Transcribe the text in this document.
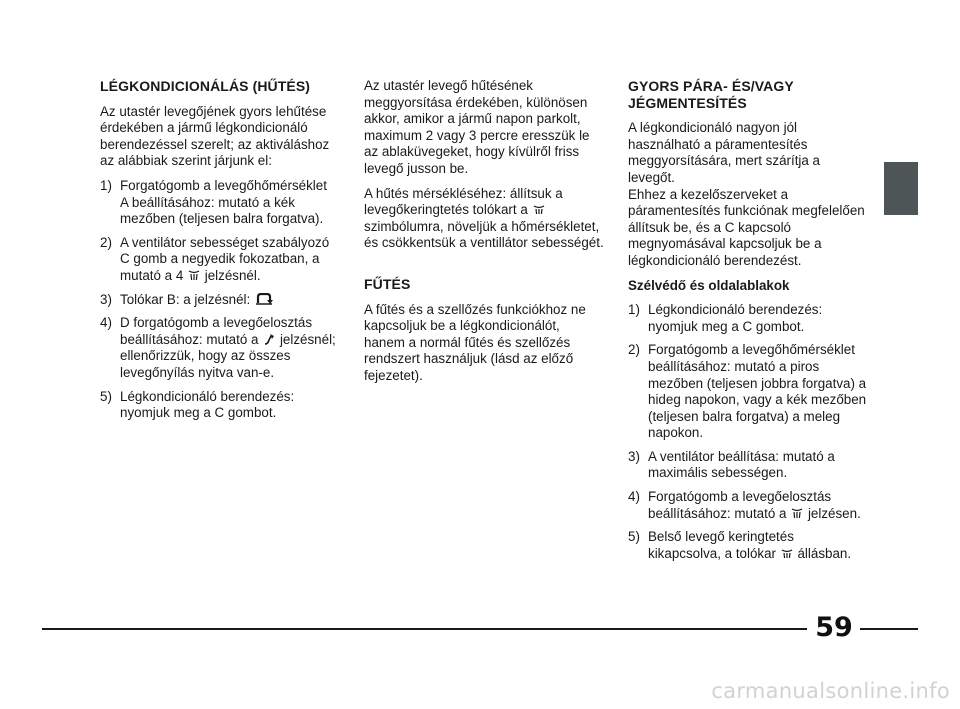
LÉGKONDICIONÁLÁS (HŰTÉS)

Az utastér levegőjének gyors lehűtése érdekében a jármű légkondicionáló berendezéssel szerelt; az aktiváláshoz az alábbiak szerint járjunk el:

1) Forgatógomb a levegőhőmérséklet A beállításához: mutató a kék mezőben (teljesen balra forgatva).
2) A ventilátor sebességet szabályozó C gomb a negyedik fokozatban, a mutató a 4 jelzésnél.
3) Tolókar B: a jelzésnél:
4) D forgatógomb a levegőelosztás beállításához: mutató a jelzésnél; ellenőrizzük, hogy az összes levegőnyílás nyitva van-e.
5) Légkondicionáló berendezés: nyomjuk meg a C gombot.

Az utastér levegő hűtésének meggyorsítása érdekében, különösen akkor, amikor a jármű napon parkolt, maximum 2 vagy 3 percre eresszük le az ablaküvegeket, hogy kívülről friss levegő jusson be.

A hűtés mérsékléséhez: állítsuk a levegőkeringtetés tolókart a  szimbólumra, növeljük a hőmérsékletet, és csökkentsük a ventillátor sebességét.

FŰTÉS

A fűtés és a szellőzés funkciókhoz ne kapcsoljuk be a légkondicionálót, hanem a normál fűtés és szellőzés rendszert használjuk (lásd az előző fejezetet).

GYORS PÁRA- ÉS/VAGY JÉGMENTESÍTÉS

A légkondicionáló nagyon jól használható a páramentesítés meggyorsítására, mert szárítja a levegőt.
Ehhez a kezelőszerveket a páramentesítés funkciónak megfelelően állítsuk be, és a C kapcsoló megnyomásával kapcsoljuk be a légkondicionáló berendezést.

Szélvédő és oldalablakok
1) Légkondicionáló berendezés: nyomjuk meg a C gombot.
2) Forgatógomb a levegőhőmérséklet beállításához: mutató a piros mezőben (teljesen jobbra forgatva) a hideg napokon, vagy a kék mezőben (teljesen balra forgatva) a meleg napokon.
3) A ventilátor beállítása: mutató a maximális sebességen.
4) Forgatógomb a levegőelosztás beállításához: mutató a jelzésen.
5) Belső levegő keringtetés kikapcsolva, a tolókar állásban.
59
carmanualsonline.info
